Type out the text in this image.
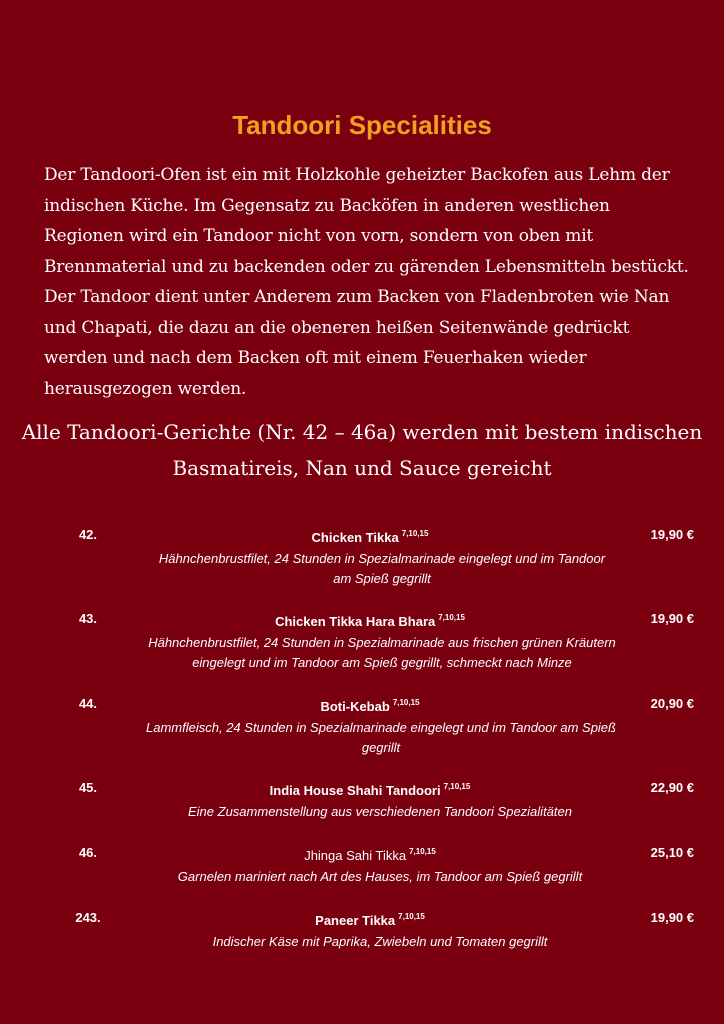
Tandoori Specialities
Der Tandoori-Ofen ist ein mit Holzkohle geheizter Backofen aus Lehm der indischen Küche. Im Gegensatz zu Backöfen in anderen westlichen Regionen wird ein Tandoor nicht von vorn, sondern von oben mit Brennmaterial und zu backenden oder zu gärenden Lebensmitteln bestückt. Der Tandoor dient unter Anderem zum Backen von Fladenbroten wie Nan und Chapati, die dazu an die obeneren heißen Seitenwände gedrückt werden und nach dem Backen oft mit einem Feuerhaken wieder herausgezogen werden.
Alle Tandoori-Gerichte (Nr. 42 – 46a) werden mit bestem indischen Basmatireis, Nan und Sauce gereicht
42.	Chicken Tikka $^{7,10,15}$	19,90 €
Hähnchenbrustfilet, 24 Stunden in Spezialmarinade eingelegt und im Tandoor am Spieß gegrillt
43.	Chicken Tikka Hara Bhara $^{7,10,15}$	19,90 €
Hähnchenbrustfilet, 24 Stunden in Spezialmarinade aus frischen grünen Kräutern eingelegt und im Tandoor am Spieß gegrillt, schmeckt nach Minze
44.	Boti-Kebab $^{7,10,15}$	20,90 €
Lammfleisch, 24 Stunden in Spezialmarinade eingelegt und im Tandoor am Spieß gegrillt
45.	India House Shahi Tandoori $^{7,10,15}$	22,90 €
Eine Zusammenstellung aus verschiedenen Tandoori Spezialitäten
46.	Jhinga Sahi Tikka $^{7,10,15}$	25,10 €
Garnelen mariniert nach Art des Hauses, im Tandoor am Spieß gegrillt
243.	Paneer Tikka $^{7,10,15}$	19,90 €
Indischer Käse mit Paprika, Zwiebeln und Tomaten gegrillt
